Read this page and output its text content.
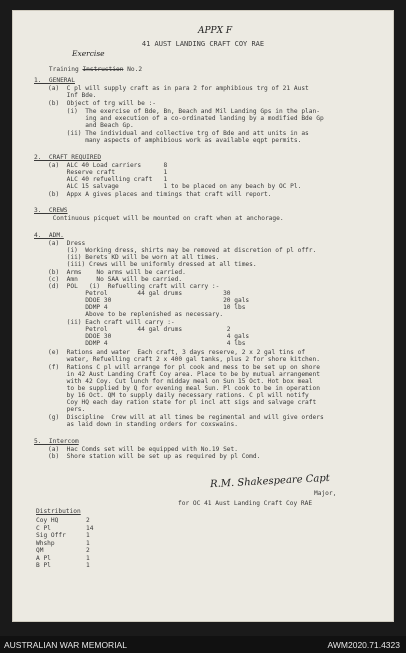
APPX F
41 AUST LANDING CRAFT COY RAE

Training Instruction No.2

Exercise
1.  GENERAL
(a)  C pl will supply craft as in para 2 for amphibious trg of 21 Aust
Inf Bde.
(b)  Object of trg will be :-
(i)  The exercise of Bde, Bn, Beach and Mil Landing Gps in the plan-
ing and execution of a co-ordinated landing by a modified Bde Gp
and Beach Gp.
(ii) The individual and collective trg of Bde and att units in as
many aspects of amphibious work as available eqpt permits.
2.  CRAFT REQUIRED
(a)  ALC 40 Load carriers      8
Reserve craft             1
ALC 40 refuelling craft   1
ALC 15 salvage            1 to be placed on any beach by OC Pl.
(b)  Appx A gives places and timings that craft will report.
3.  CREWS
Continuous picquet will be mounted on craft when at anchorage.
4.  ADM.
(a)  Dress
(i)  Working dress, shirts may be removed at discretion of pl offr.
(ii) Berets KD will be worn at all times.
(iii) Crews will be uniformly dressed at all times.
(b)  Arms    No arms will be carried.
(c)  Amn     No SAA will be carried.
(d)  POL   (i)  Refuelling craft will carry :-
Petrol        44 gal drums           30
DDOE 30                              20 gals
DDMP 4                               10 lbs
Above to be replenished as necessary.
(ii) Each craft will carry :-
Petrol        44 gal drums            2
DDOE 30                               4 gals
DDMP 4                                4 lbs
(e)  Rations and water  Each craft, 3 days reserve, 2 x 2 gal tins of
water, Refuelling craft 2 x 400 gal tanks, plus 2 for shore kitchen.
(f)  Rations C pl will arrange for pl cook and mess to be set up on shore
in 42 Aust Landing Craft Coy area. Place to be by mutual arrangement
with 42 Coy. Cut lunch for midday meal on Sun 15 Oct. Hot box meal
to be supplied by Q for evening meal Sun. Pl cook to be in operation
by 16 Oct. QM to supply daily necessary rations. C pl will notify
Coy HQ each day ration state for pl incl att sigs and salvage craft
pers.
(g)  Discipline  Crew will at all times be regimental and will give orders
as laid down in standing orders for coxswains.
5.  Intercom
(a)  Hac Comds set will be equipped with No.19 Set.
(b)  Shore station will be set up as required by pl Comd.
R.M. Shakespeare Capt
Major,
for OC 41 Aust Landing Craft Coy RAE
Distribution
Coy HQ	2
C Pl	14
Sig Offr	1
Whshp	1
QM	2
A Pl	1
B Pl	1
AUSTRALIAN WAR MEMORIAL	AWM2020.71.4323
